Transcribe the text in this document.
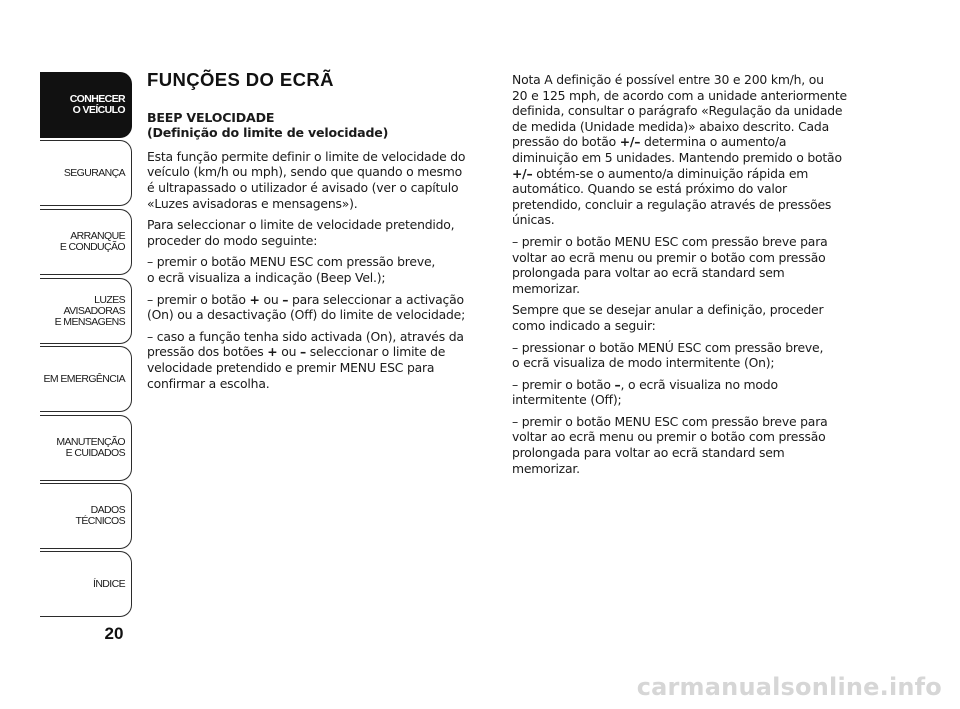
CONHECER
O VEÍCULO
SEGURANÇA
ARRANQUE
E CONDUÇÃO
LUZES
AVISADORAS
E MENSAGENS
EM EMERGÊNCIA
MANUTENÇÃO
E CUIDADOS
DADOS
TÉCNICOS
ÍNDICE
20
FUNÇÕES DO ECRÃ
BEEP VELOCIDADE
(Definição do limite de velocidade)

Esta função permite definir o limite de velocidade do
veículo (km/h ou mph), sendo que quando o mesmo
é ultrapassado o utilizador é avisado (ver o capítulo
«Luzes avisadoras e mensagens»).

Para seleccionar o limite de velocidade pretendido,
proceder do modo seguinte:

– premir o botão MENU ESC com pressão breve,
o ecrã visualiza a indicação (Beep Vel.);

– premir o botão + ou – para seleccionar a activação
(On) ou a desactivação (Off) do limite de velocidade;

– caso a função tenha sido activada (On), através da
pressão dos botões + ou – seleccionar o limite de
velocidade pretendido e premir MENU ESC para
confirmar a escolha.

Nota A definição é possível entre 30 e 200 km/h, ou
20 e 125 mph, de acordo com a unidade anteriormente
definida, consultar o parágrafo «Regulação da unidade
de medida (Unidade medida)» abaixo descrito. Cada
pressão do botão +/– determina o aumento/a
diminuição em 5 unidades. Mantendo premido o botão
+/– obtém-se o aumento/a diminuição rápida em
automático. Quando se está próximo do valor
pretendido, concluir a regulação através de pressões
únicas.

– premir o botão MENU ESC com pressão breve para
voltar ao ecrã menu ou premir o botão com pressão
prolongada para voltar ao ecrã standard sem
memorizar.

Sempre que se desejar anular a definição, proceder
como indicado a seguir:

– pressionar o botão MENÚ ESC com pressão breve,
o ecrã visualiza de modo intermitente (On);

– premir o botão –, o ecrã visualiza no modo
intermitente (Off);

– premir o botão MENU ESC com pressão breve para
voltar ao ecrã menu ou premir o botão com pressão
prolongada para voltar ao ecrã standard sem
memorizar.

carmanualsonline.info
